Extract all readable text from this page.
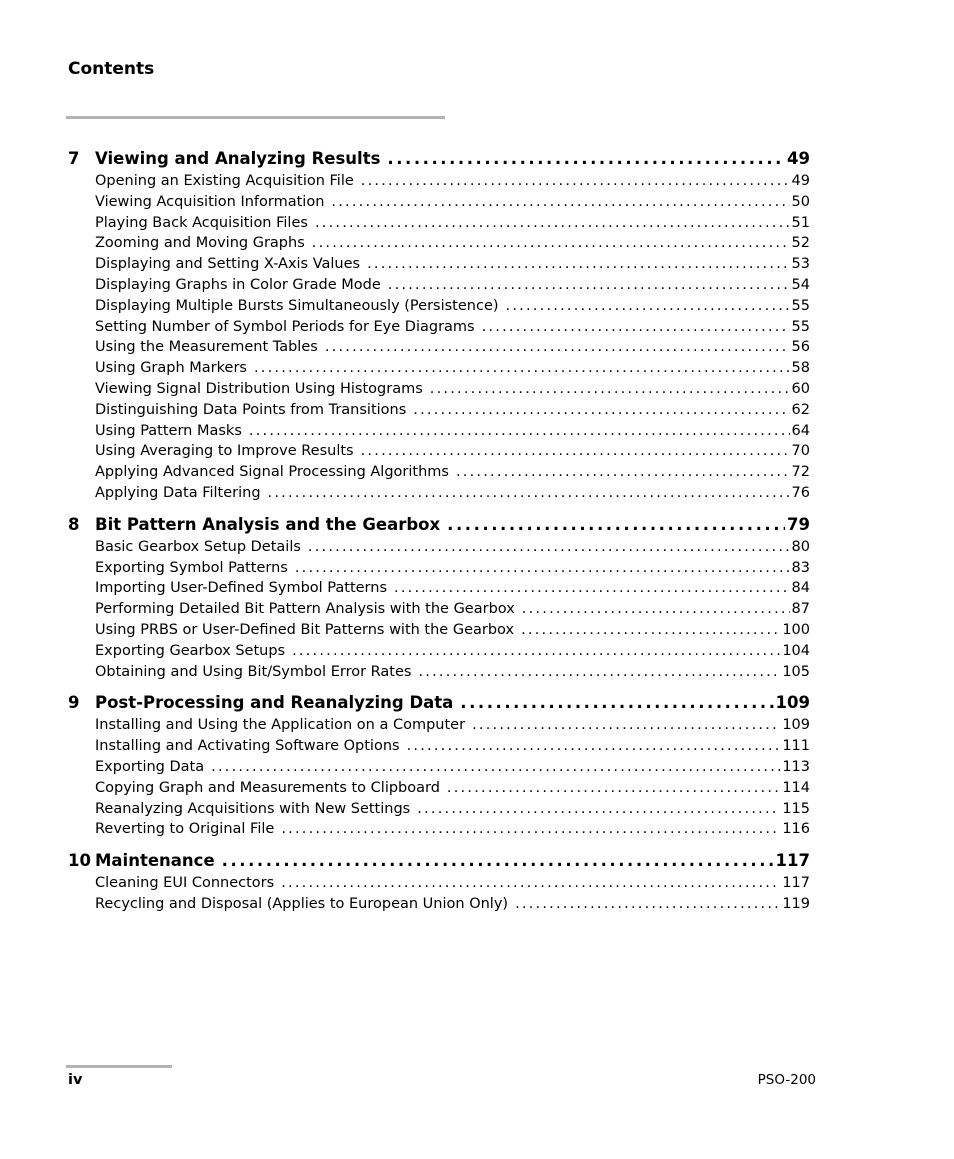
Contents
7 Viewing and Analyzing Results . . .	49
Opening an Existing Acquisition File . . .	49
Viewing Acquisition Information . . .	50
Playing Back Acquisition Files . . .	51
Zooming and Moving Graphs . . .	52
Displaying and Setting X-Axis Values . . .	53
Displaying Graphs in Color Grade Mode . . .	54
Displaying Multiple Bursts Simultaneously (Persistence) . . .	55
Setting Number of Symbol Periods for Eye Diagrams . . .	55
Using the Measurement Tables . . .	56
Using Graph Markers . . .	58
Viewing Signal Distribution Using Histograms . . .	60
Distinguishing Data Points from Transitions . . .	62
Using Pattern Masks . . .	64
Using Averaging to Improve Results . . .	70
Applying Advanced Signal Processing Algorithms . . .	72
Applying Data Filtering . . .	76
8 Bit Pattern Analysis and the Gearbox . . .	79
Basic Gearbox Setup Details . . .	80
Exporting Symbol Patterns . . .	83
Importing User-Defined Symbol Patterns . . .	84
Performing Detailed Bit Pattern Analysis with the Gearbox . . .	87
Using PRBS or User-Defined Bit Patterns with the Gearbox . . .	100
Exporting Gearbox Setups . . .	104
Obtaining and Using Bit/Symbol Error Rates . . .	105
9 Post-Processing and Reanalyzing Data . . .	109
Installing and Using the Application on a Computer . . .	109
Installing and Activating Software Options . . .	111
Exporting Data . . .	113
Copying Graph and Measurements to Clipboard . . .	114
Reanalyzing Acquisitions with New Settings . . .	115
Reverting to Original File . . .	116
10 Maintenance . . .	117
Cleaning EUI Connectors . . .	117
Recycling and Disposal (Applies to European Union Only) . . .	119
iv	PSO-200
